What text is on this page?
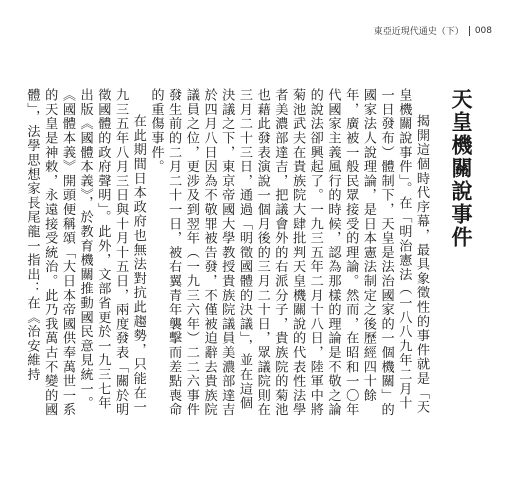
東亞近現代通史（下） 008
天皇機關說事件

揭開這個時代序幕，最具象徵性的事件就是「天皇機關說事件」。在「明治憲法（一八八九年二月十一日發布）體制下，天皇是法治國家的一個機關」的國家法人說理論，是日本憲法制定之後歷經四十餘年，廣被一般民眾接受的理論。然而，在昭和一〇年代國家主義風行的時候，認為那樣的理論是不敬之論的說法卻興起了。一九三五年二月十八日，陸軍中將菊池武夫在貴族院大肆批判天皇機關說的代表性法學者美濃部達吉，把議會外的右派分子，貴族院的菊池也藉此發表演說一個月後的三月二十日，眾議院則在三月二十三日，通過「明徵國體的決議」，並在這個決議之下，東京帝國大學教授貴族院議員美濃部達吉於四月八日因為不敬罪被告發，不僅被迫辭去貴族院議員之位，更涉及到翌年（一九三六年）二二六事件發生前的二月二十一日，被右翼青年襲擊而差點喪命的重傷事件。

在此期間日本政府也無法對抗此趨勢，只能在一九三五年八月三日與十月十五日，兩度發表「關於明徵國體的政府聲明」。此外，文部省更於一九三七年出版《國體本義》，於教育機關推動國民意見統一。《國體本義》開頭便稱頌「大日本帝國供奉萬世一系的天皇是神敕，永遠接受統治。此乃我萬古不變的國體」，法學思想家長尾龍一指出：在《治安維持
